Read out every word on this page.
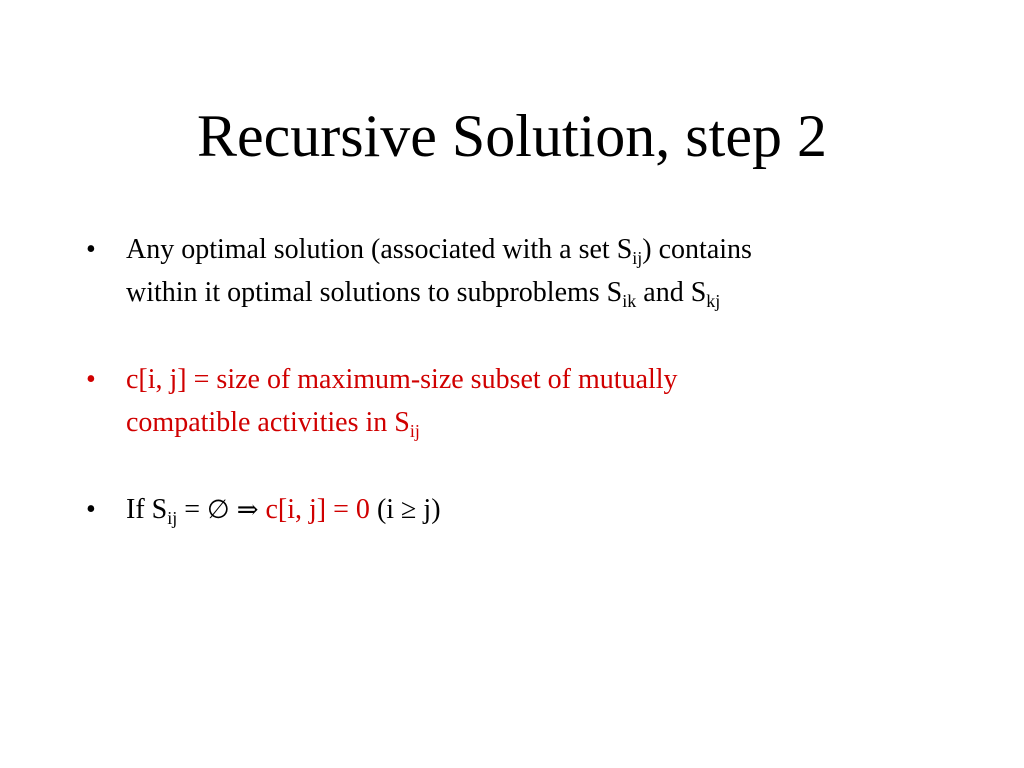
Recursive Solution, step 2
•	Any optimal solution (associated with a set $S_{ij}$) contains
within it optimal solutions to subproblems $S_{ik}$ and $S_{kj}$
•	c[i, j] = size of maximum-size subset of mutually
compatible activities in $S_{ij}$
•	If $S_{ij}$ = ∅ ⇒ c[i, j] = 0 (i ≥ j)
